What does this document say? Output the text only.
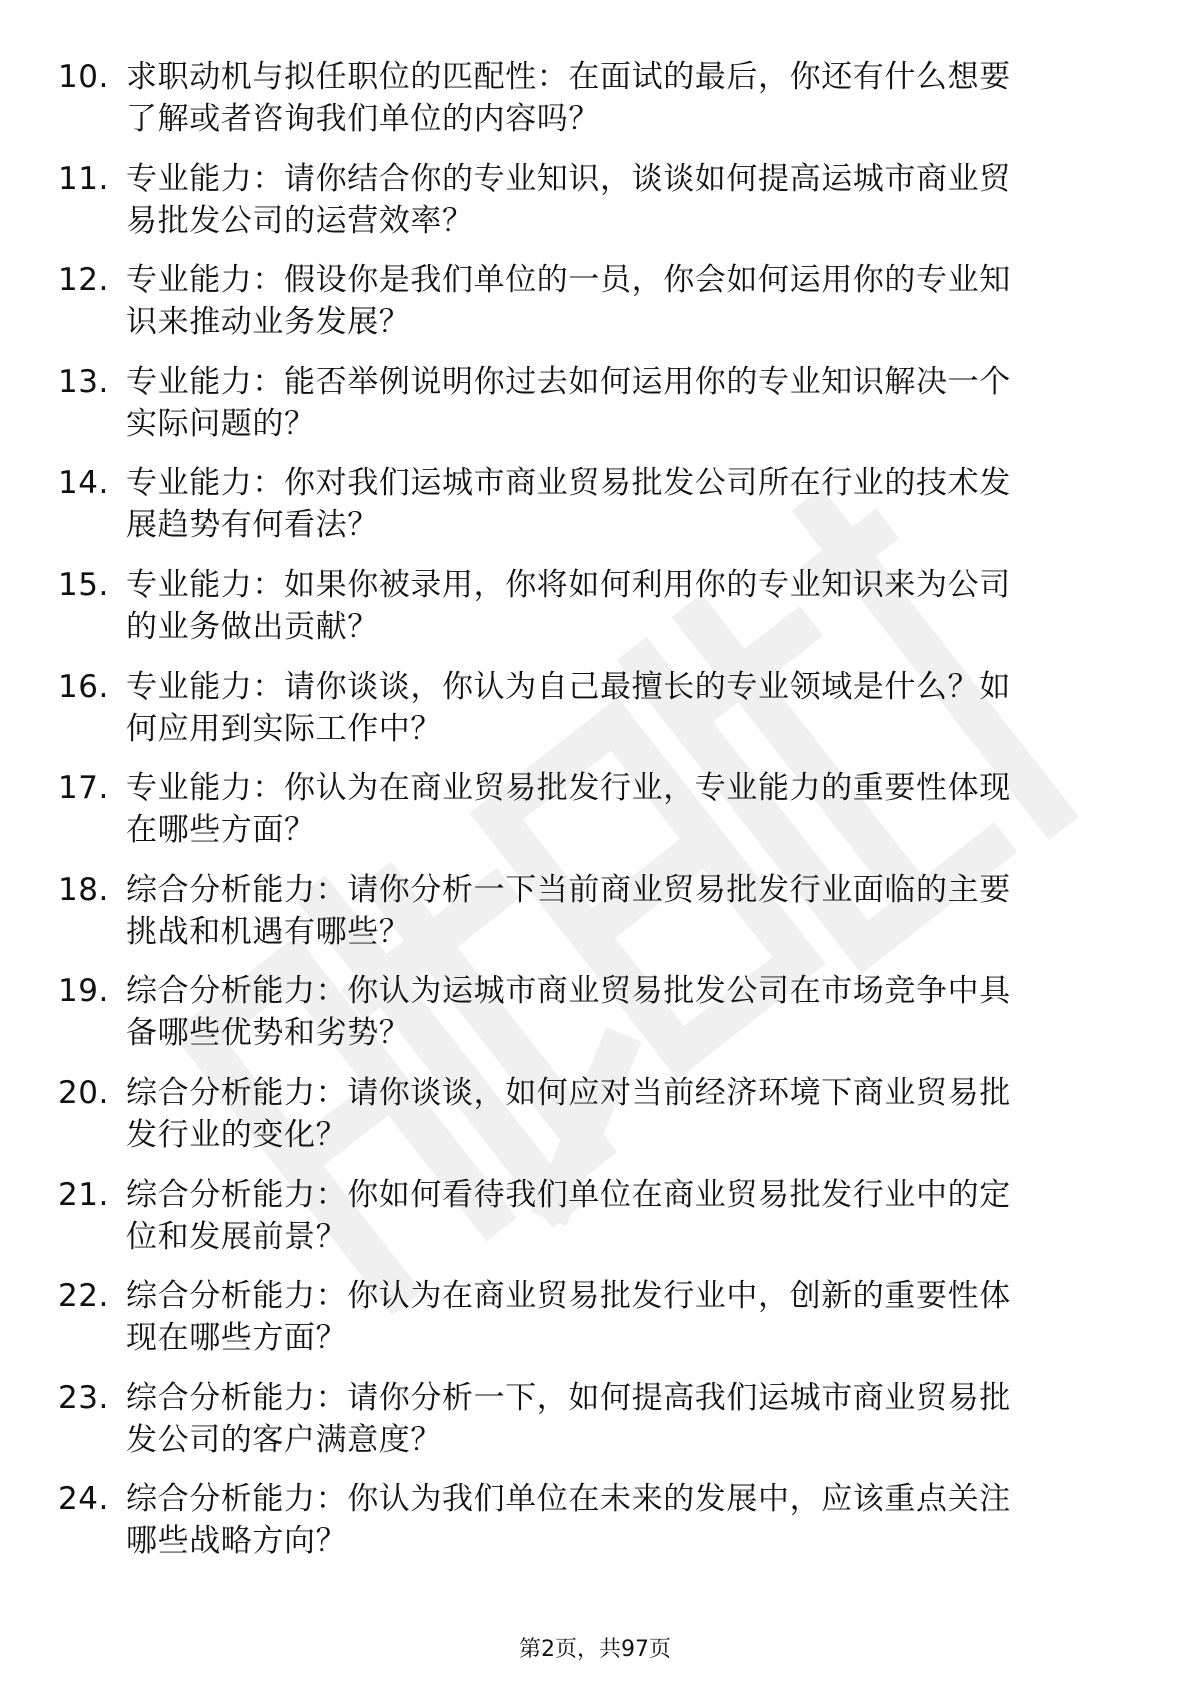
10. 求职动机与拟任职位的匹配性：在面试的最后，你还有什么想要
了解或者咨询我们单位的内容吗？
11. 专业能力：请你结合你的专业知识，谈谈如何提高运城市商业贸
易批发公司的运营效率？
12. 专业能力：假设你是我们单位的一员，你会如何运用你的专业知
识来推动业务发展？
13. 专业能力：能否举例说明你过去如何运用你的专业知识解决一个
实际问题的？
14. 专业能力：你对我们运城市商业贸易批发公司所在行业的技术发
展趋势有何看法？
15. 专业能力：如果你被录用，你将如何利用你的专业知识来为公司
的业务做出贡献？
16. 专业能力：请你谈谈，你认为自己最擅长的专业领域是什么？如
何应用到实际工作中？
17. 专业能力：你认为在商业贸易批发行业，专业能力的重要性体现
在哪些方面？
18. 综合分析能力：请你分析一下当前商业贸易批发行业面临的主要
挑战和机遇有哪些？
19. 综合分析能力：你认为运城市商业贸易批发公司在市场竞争中具
备哪些优势和劣势？
20. 综合分析能力：请你谈谈，如何应对当前经济环境下商业贸易批
发行业的变化？
21. 综合分析能力：你如何看待我们单位在商业贸易批发行业中的定
位和发展前景？
22. 综合分析能力：你认为在商业贸易批发行业中，创新的重要性体
现在哪些方面？
23. 综合分析能力：请你分析一下，如何提高我们运城市商业贸易批
发公司的客户满意度？
24. 综合分析能力：你认为我们单位在未来的发展中，应该重点关注
哪些战略方向？
第2页，共97页
